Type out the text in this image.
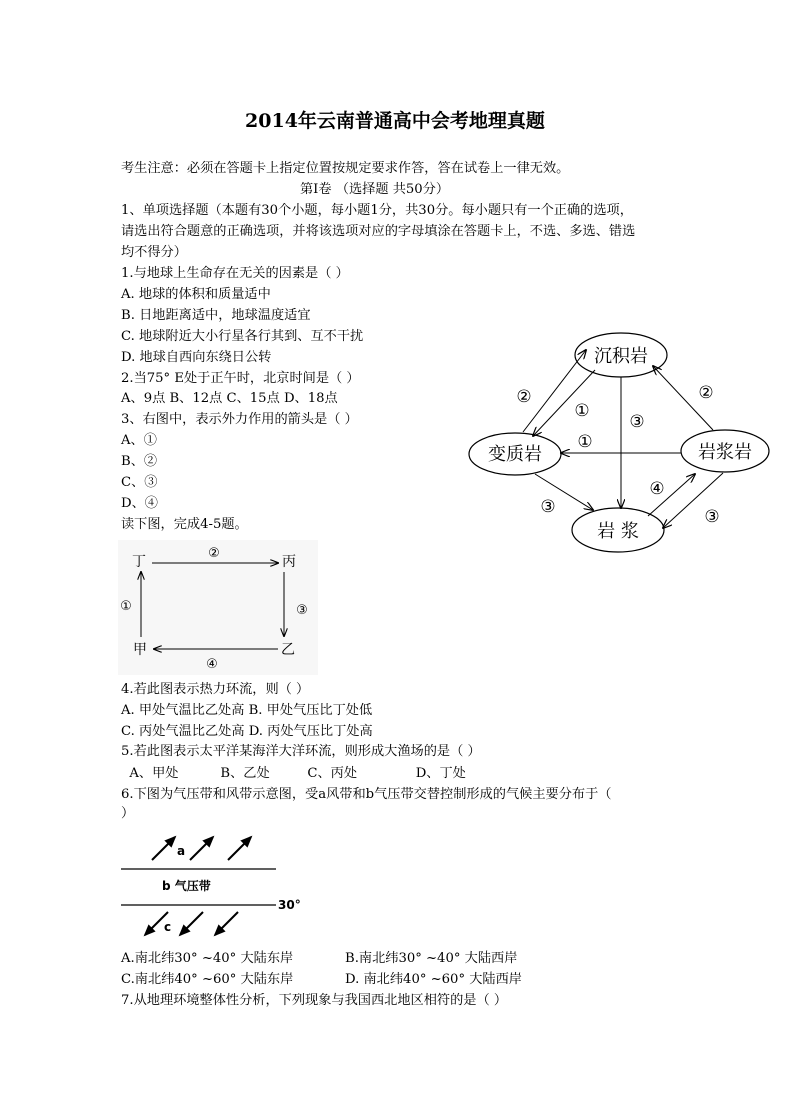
2014年云南普通高中会考地理真题
考生注意：必须在答题卡上指定位置按规定要求作答，答在试卷上一律无效。
第Ⅰ卷 （选择题 共50分）
1、单项选择题（本题有30个小题，每小题1分，共30分。每小题只有一个正确的选项，
请选出符合题意的正确选项，并将该选项对应的字母填涂在答题卡上，不选、多选、错选
均不得分）
1.与地球上生命存在无关的因素是（ ）
A. 地球的体积和质量适中
B. 日地距离适中，地球温度适宜
C. 地球附近大小行星各行其到、互不干扰
D. 地球自西向东绕日公转
2.当75° E处于正午时，北京时间是（ ）
A、9点 B、12点 C、15点 D、18点
3、右图中，表示外力作用的箭头是（ ）
A、①
B、②
C、③
D、④
读下图，完成4-5题。
沉积岩
变质岩	岩浆岩
岩 浆
②
①
③
②
①
③
④
③
丁	丙
甲	乙
②
①	③
④
4.若此图表示热力环流，则（ ）
A. 甲处气温比乙处高 B. 甲处气压比丁处低
C. 丙处气温比乙处高 D. 丙处气压比丁处高
5.若此图表示太平洋某海洋大洋环流，则形成大渔场的是（ ）
A、甲处          B、乙处         C、丙处              D、丁处
6.下图为气压带和风带示意图，受a风带和b气压带交替控制形成的气候主要分布于（
）
a
b 气压带
30°
c
A.南北纬30° ~40° 大陆东岸	B.南北纬30° ~40° 大陆西岸
C.南北纬40° ~60° 大陆东岸	D. 南北纬40° ~60° 大陆西岸
7.从地理环境整体性分析，下列现象与我国西北地区相符的是（ ）
